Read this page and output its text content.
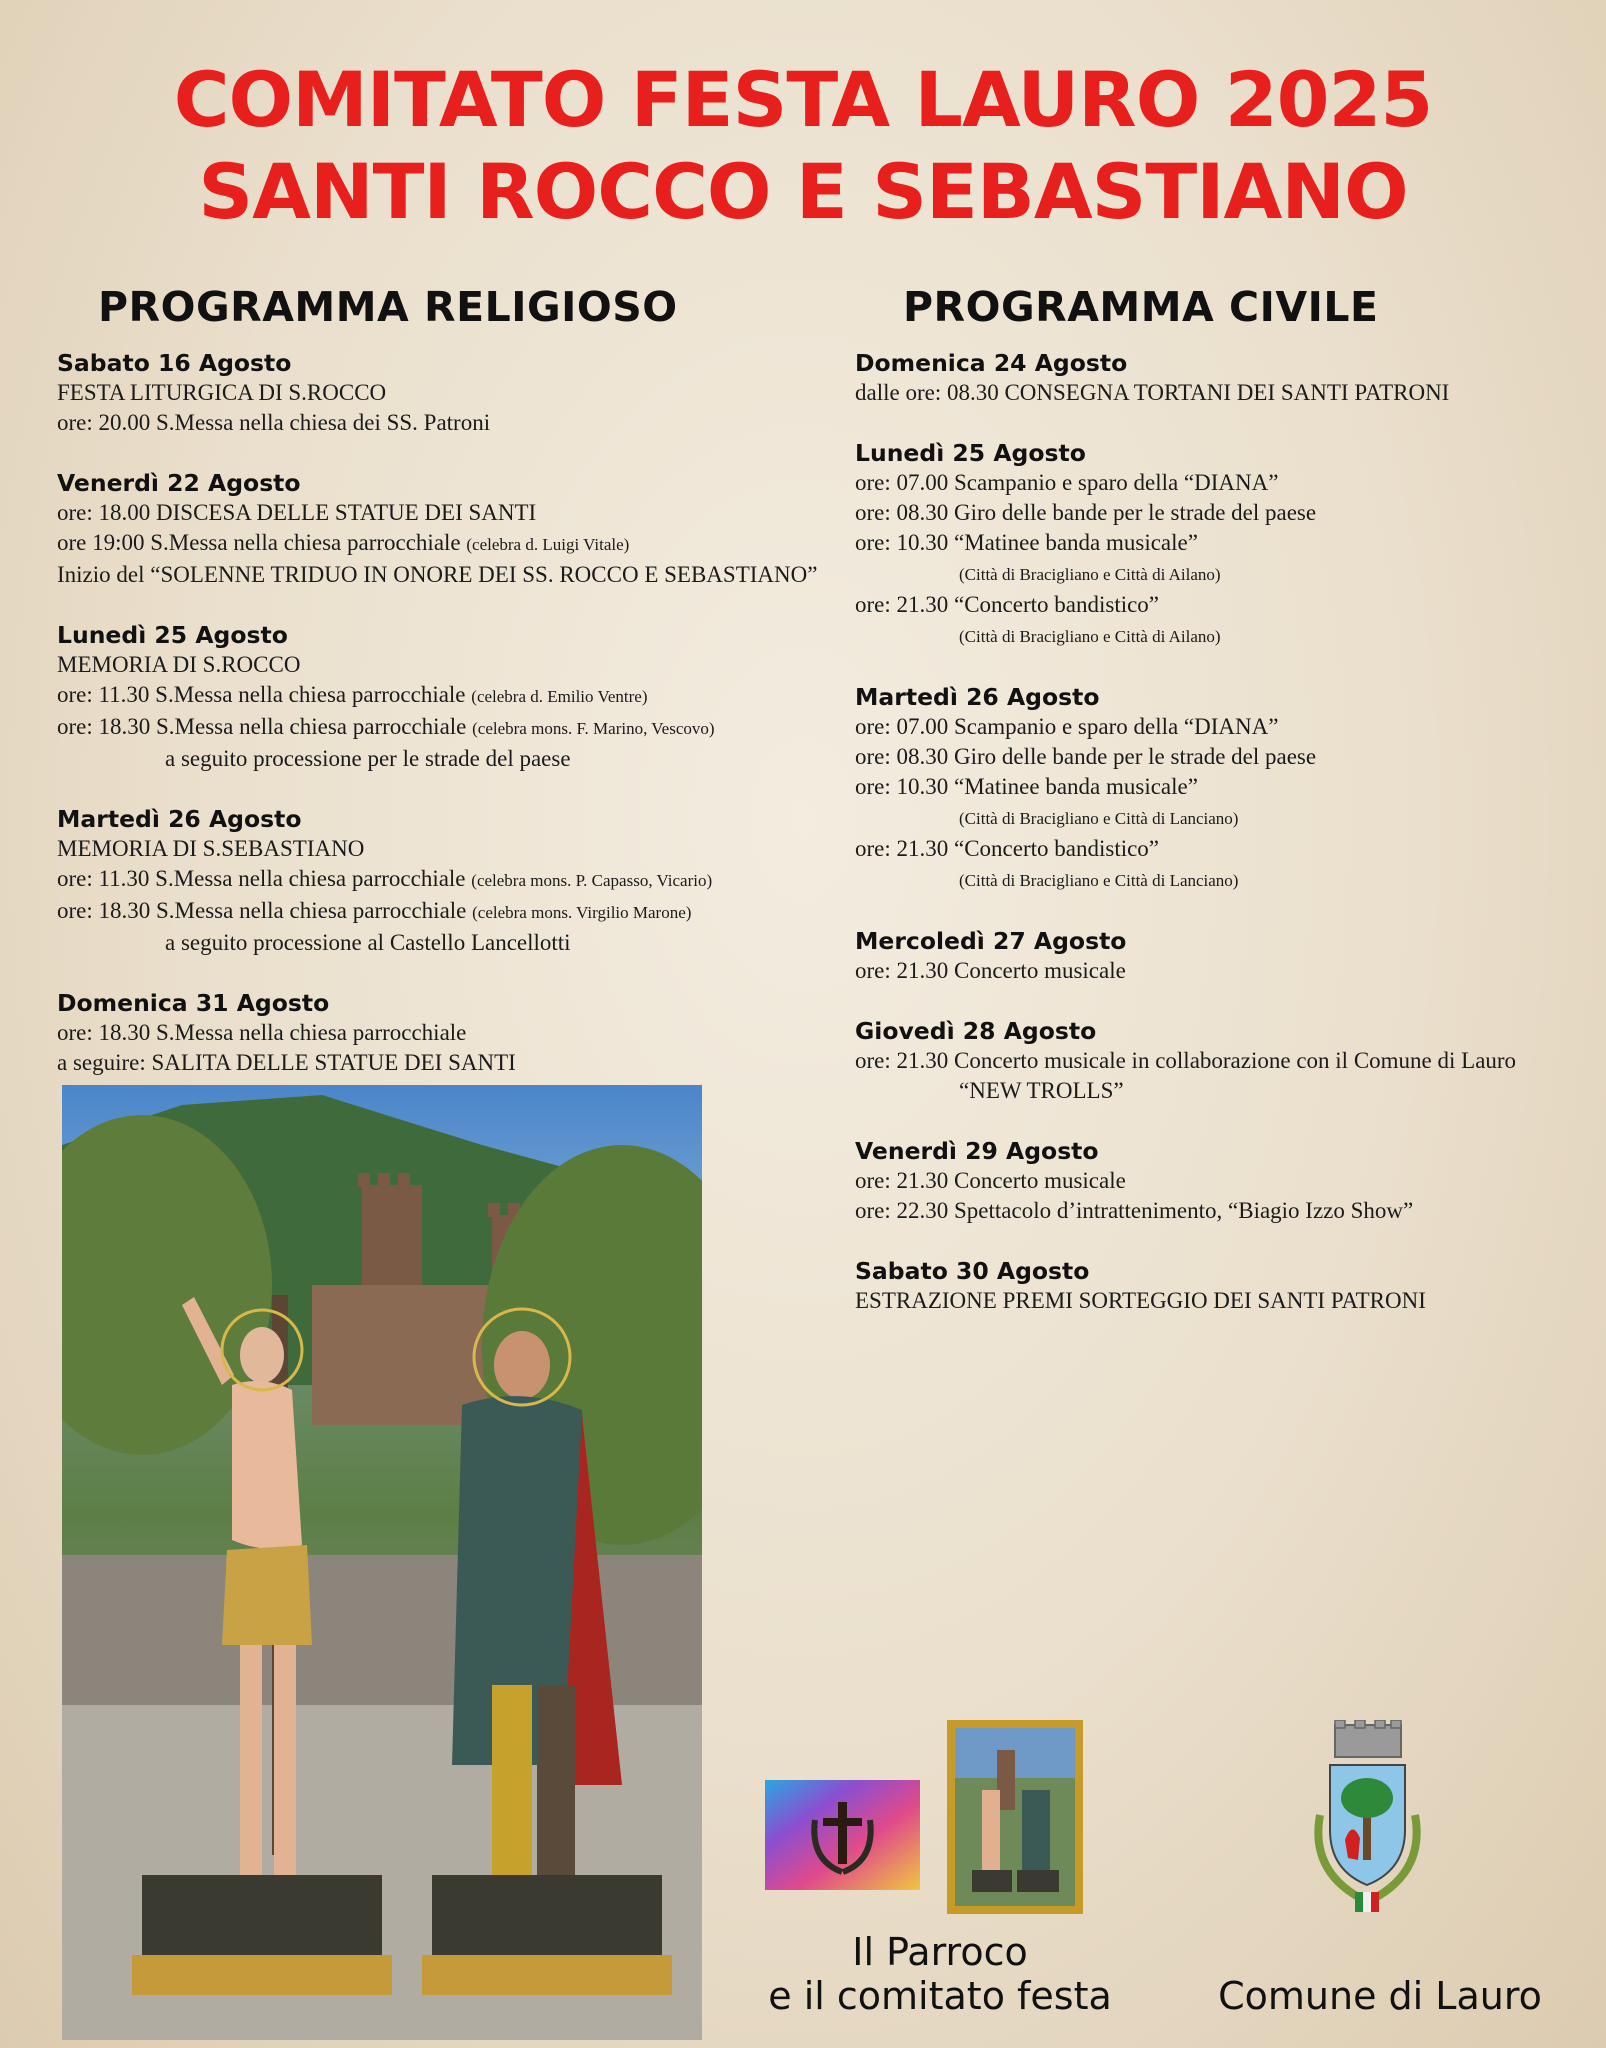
COMITATO FESTA LAURO 2025
SANTI ROCCO E SEBASTIANO
PROGRAMMA RELIGIOSO	PROGRAMMA CIVILE
Sabato 16 Agosto
FESTA LITURGICA DI S.ROCCO
ore: 20.00 S.Messa nella chiesa dei SS. Patroni
Venerdì 22 Agosto
ore: 18.00 DISCESA DELLE STATUE DEI SANTI
ore 19:00 S.Messa nella chiesa parrocchiale (celebra d. Luigi Vitale)
Inizio del “SOLENNE TRIDUO IN ONORE DEI SS. ROCCO E SEBASTIANO”
Lunedì 25 Agosto
MEMORIA DI S.ROCCO
ore: 11.30 S.Messa nella chiesa parrocchiale (celebra d. Emilio Ventre)
ore: 18.30 S.Messa nella chiesa parrocchiale (celebra mons. F. Marino, Vescovo)
a seguito processione per le strade del paese
Martedì 26 Agosto
MEMORIA DI S.SEBASTIANO
ore: 11.30 S.Messa nella chiesa parrocchiale (celebra mons. P. Capasso, Vicario)
ore: 18.30 S.Messa nella chiesa parrocchiale (celebra mons. Virgilio Marone)
a seguito processione al Castello Lancellotti
Domenica 31 Agosto
ore: 18.30 S.Messa nella chiesa parrocchiale
a seguire: SALITA DELLE STATUE DEI SANTI
Domenica 24 Agosto
dalle ore: 08.30 CONSEGNA TORTANI DEI SANTI PATRONI
Lunedì 25 Agosto
ore: 07.00 Scampanio e sparo della “DIANA”
ore: 08.30 Giro delle bande per le strade del paese
ore: 10.30 “Matinee banda musicale”
(Città di Bracigliano e Città di Ailano)
ore: 21.30 “Concerto bandistico”
(Città di Bracigliano e Città di Ailano)
Martedì 26 Agosto
ore: 07.00 Scampanio e sparo della “DIANA”
ore: 08.30 Giro delle bande per le strade del paese
ore: 10.30 “Matinee banda musicale”
(Città di Bracigliano e Città di Lanciano)
ore: 21.30 “Concerto bandistico”
(Città di Bracigliano e Città di Lanciano)
Mercoledì 27 Agosto
ore: 21.30 Concerto musicale
Giovedì 28 Agosto
ore: 21.30 Concerto musicale in collaborazione con il Comune di Lauro
“NEW TROLLS”
Venerdì 29 Agosto
ore: 21.30 Concerto musicale
ore: 22.30 Spettacolo d’intrattenimento, “Biagio Izzo Show”
Sabato 30 Agosto
ESTRAZIONE PREMI SORTEGGIO DEI SANTI PATRONI
Il Parroco
e il comitato festa	Comune di Lauro
